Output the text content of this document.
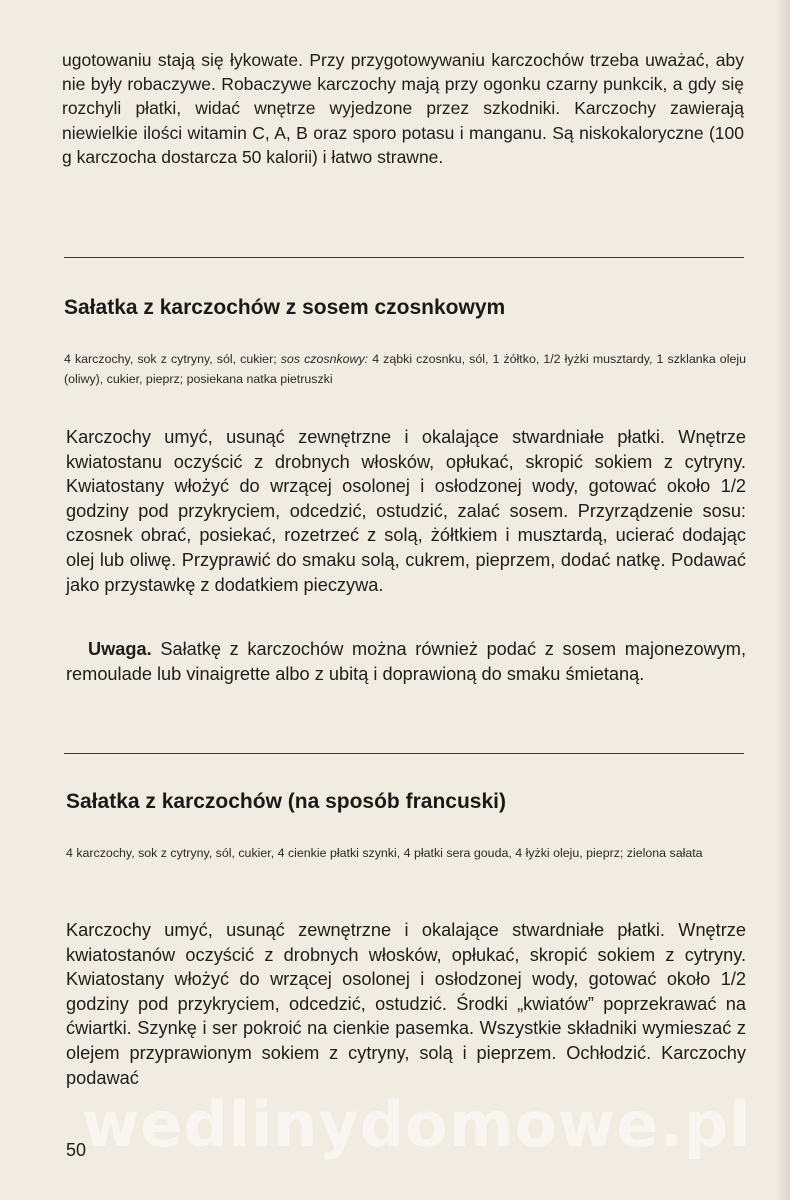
ugotowaniu stają się łykowate. Przy przygotowywaniu karczochów trzeba uważać, aby nie były robaczywe. Robaczywe karczochy mają przy ogonku czarny punkcik, a gdy się rozchyli płatki, widać wnętrze wyjedzone przez szkodniki. Karczochy zawierają niewielkie ilości witamin C, A, B oraz sporo potasu i manganu. Są niskokaloryczne (100 g karczocha dostarcza 50 kalorii) i łatwo strawne.

Sałatka z karczochów z sosem czosnkowym

4 karczochy, sok z cytryny, sól, cukier; sos czosnkowy: 4 ząbki czosnku, sól, 1 żółtko, 1/2 łyżki musztardy, 1 szklanka oleju (oliwy), cukier, pieprz; posiekana natka pietruszki

Karczochy umyć, usunąć zewnętrzne i okalające stwardniałe płatki. Wnętrze kwiatostanu oczyścić z drobnych włosków, opłukać, skropić sokiem z cytryny. Kwiatostany włożyć do wrzącej osolonej i osłodzonej wody, gotować około 1/2 godziny pod przykryciem, odcedzić, ostudzić, zalać sosem. Przyrządzenie sosu: czosnek obrać, posiekać, rozetrzeć z solą, żółtkiem i musztardą, ucierać dodając olej lub oliwę. Przyprawić do smaku solą, cukrem, pieprzem, dodać natkę. Podawać jako przystawkę z dodatkiem pieczywa.

Uwaga. Sałatkę z karczochów można również podać z sosem majonezowym, remoulade lub vinaigrette albo z ubitą i doprawioną do smaku śmietaną.

Sałatka z karczochów (na sposób francuski)

4 karczochy, sok z cytryny, sól, cukier, 4 cienkie płatki szynki, 4 płatki sera gouda, 4 łyżki oleju, pieprz; zielona sałata

Karczochy umyć, usunąć zewnętrzne i okalające stwardniałe płatki. Wnętrze kwiatostanów oczyścić z drobnych włosków, opłukać, skropić sokiem z cytryny. Kwiatostany włożyć do wrzącej osolonej i osłodzonej wody, gotować około 1/2 godziny pod przykryciem, odcedzić, ostudzić. Środki „kwiatów” poprzekrawać na ćwiartki. Szynkę i ser pokroić na cienkie pasemka. Wszystkie składniki wymieszać z olejem przyprawionym sokiem z cytryny, solą i pieprzem. Ochłodzić. Karczochy podawać

wedlinydomowe.pl

50
